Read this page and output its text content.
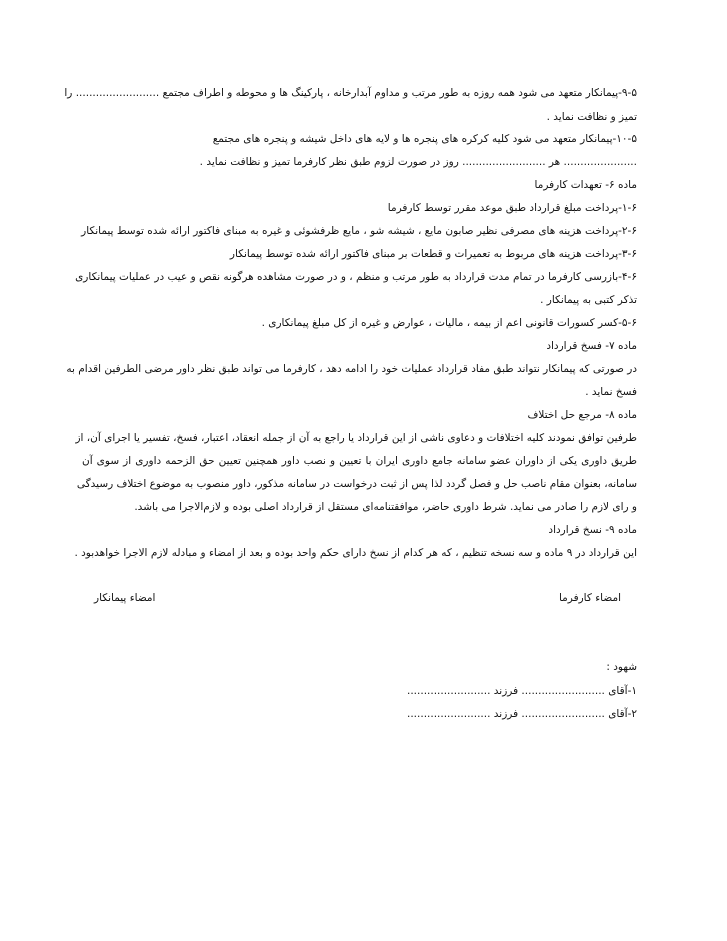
۹-۵-پیمانکار متعهد می شود همه روزه به طور مرتب و مداوم آبدارخانه ، پارکینگ ها و محوطه و اطراف مجتمع ......................... را
تمیز و نظافت نماید .
۱۰-۵-پیمانکار متعهد می شود کلیه کرکره های پنجره ها و لایه های داخل شیشه و پنجره های مجتمع
...................... هر ......................... روز در صورت لزوم طبق نظر کارفرما تمیز و نظافت نماید .
ماده ۶- تعهدات کارفرما
۱-۶-پرداخت مبلغ قرارداد طبق موعد مقرر توسط کارفرما
۲-۶-پرداخت هزینه های مصرفی نظیر صابون مایع ، شیشه شو ، مایع ظرفشوئی و غیره به مبنای فاکتور ارائه شده توسط پیمانکار
۳-۶-پرداخت هزینه های مربوط به تعمیرات و قطعات بر مبنای فاکتور ارائه شده توسط پیمانکار
۴-۶-بازرسی کارفرما در تمام مدت قرارداد به طور مرتب و منظم ، و در صورت مشاهده هرگونه نقص و عیب در عملیات پیمانکاری
تذکر کتبی به پیمانکار .
۵-۶-کسر کسورات قانونی اعم از بیمه ، مالیات ، عوارض و غیره از کل مبلغ پیمانکاری .
ماده ۷- فسخ قرارداد
در صورتی که پیمانکار نتواند طبق مفاد قرارداد عملیات خود را ادامه دهد ، کارفرما می تواند طبق نظر داور مرضی الطرفین اقدام به
فسخ نماید .
ماده ۸- مرجع حل اختلاف
طرفین توافق نمودند کلیه اختلافات و دعاوی ناشی از این قرارداد یا راجع به آن از جمله انعقاد، اعتبار، فسخ، تفسیر یا اجرای آن، از
طریق داوری یکی از داوران عضو سامانه جامع داوری ایران با تعیین و نصب داور همچنین تعیین حق الزحمه داوری از سوی آن
سامانه، بعنوان مقام ناصب حل و فصل گردد لذا پس از ثبت درخواست در سامانه مذکور، داور منصوب به موضوع اختلاف رسیدگی
و رای لازم را صادر می نماید. شرط داوری حاضر، موافقتنامه‌ای مستقل از قرارداد اصلی بوده و لازم‌الاجرا می باشد.
ماده ۹- نسخ قرارداد
این قرارداد در ۹ ماده و سه نسخه تنظیم ، که هر کدام از نسخ دارای حکم واحد بوده و بعد از امضاء و مبادله لازم الاجرا خواهدبود .
امضاء کارفرما
امضاء پیمانکار
شهود :
۱-آقای ......................... فرزند .........................
۲-آقای ......................... فرزند .........................
